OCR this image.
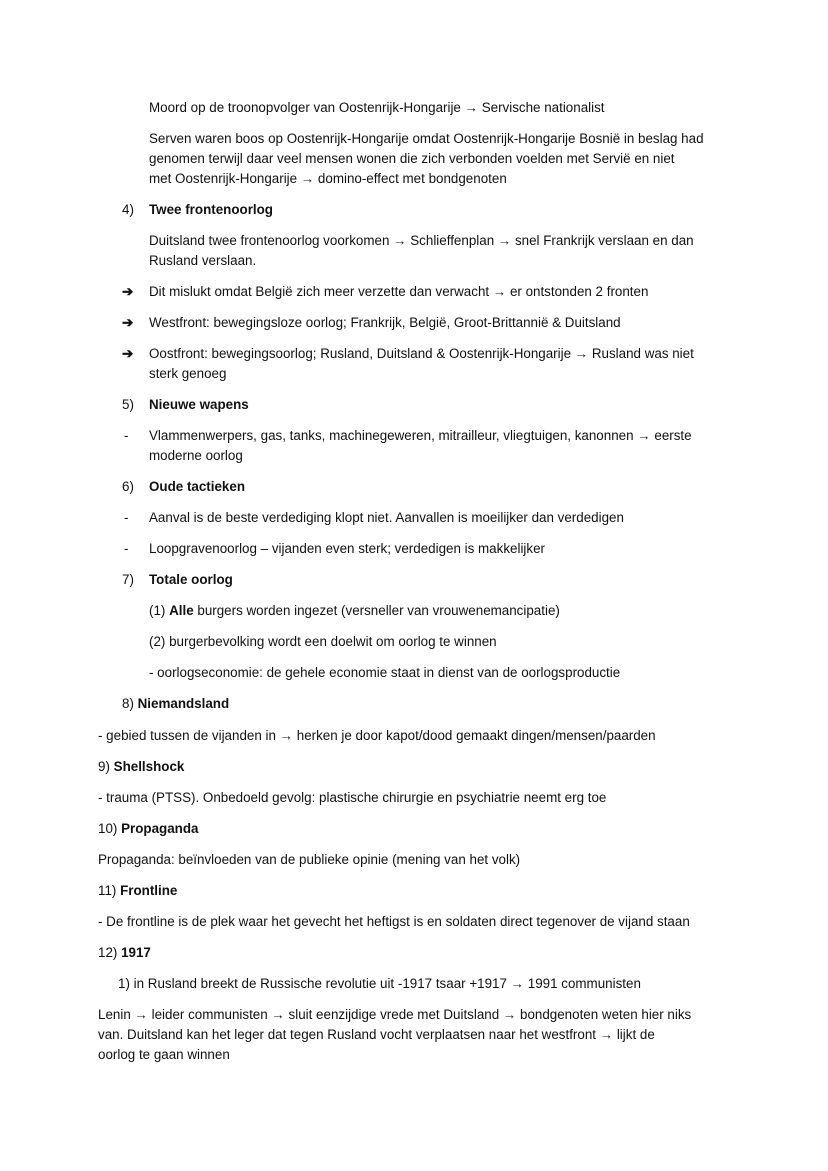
Moord op de troonopvolger van Oostenrijk-Hongarije → Servische nationalist
Serven waren boos op Oostenrijk-Hongarije omdat Oostenrijk-Hongarije Bosnië in beslag had
genomen terwijl daar veel mensen wonen die zich verbonden voelden met Servië en niet
met Oostenrijk-Hongarije → domino-effect met bondgenoten
4) Twee frontenoorlog
Duitsland twee frontenoorlog voorkomen → Schlieffenplan → snel Frankrijk verslaan en dan
Rusland verslaan.
➔ Dit mislukt omdat België zich meer verzette dan verwacht → er ontstonden 2 fronten
➔ Westfront: bewegingsloze oorlog; Frankrijk, België, Groot-Brittannië & Duitsland
➔ Oostfront: bewegingsoorlog; Rusland, Duitsland & Oostenrijk-Hongarije → Rusland was niet
sterk genoeg
5) Nieuwe wapens
- Vlammenwerpers, gas, tanks, machinegeweren, mitrailleur, vliegtuigen, kanonnen → eerste
moderne oorlog
6) Oude tactieken
- Aanval is de beste verdediging klopt niet. Aanvallen is moeilijker dan verdedigen
- Loopgravenoorlog – vijanden even sterk; verdedigen is makkelijker
7) Totale oorlog
(1) Alle burgers worden ingezet (versneller van vrouwenemancipatie)
(2) burgerbevolking wordt een doelwit om oorlog te winnen
- oorlogseconomie: de gehele economie staat in dienst van de oorlogsproductie
8) Niemandsland
- gebied tussen de vijanden in → herken je door kapot/dood gemaakt dingen/mensen/paarden
9) Shellshock
- trauma (PTSS). Onbedoeld gevolg: plastische chirurgie en psychiatrie neemt erg toe
10) Propaganda
Propaganda: beïnvloeden van de publieke opinie (mening van het volk)
11) Frontline
- De frontline is de plek waar het gevecht het heftigst is en soldaten direct tegenover de vijand staan
12) 1917
1) in Rusland breekt de Russische revolutie uit -1917 tsaar +1917 → 1991 communisten
Lenin → leider communisten → sluit eenzijdige vrede met Duitsland → bondgenoten weten hier niks
van. Duitsland kan het leger dat tegen Rusland vocht verplaatsen naar het westfront → lijkt de
oorlog te gaan winnen
